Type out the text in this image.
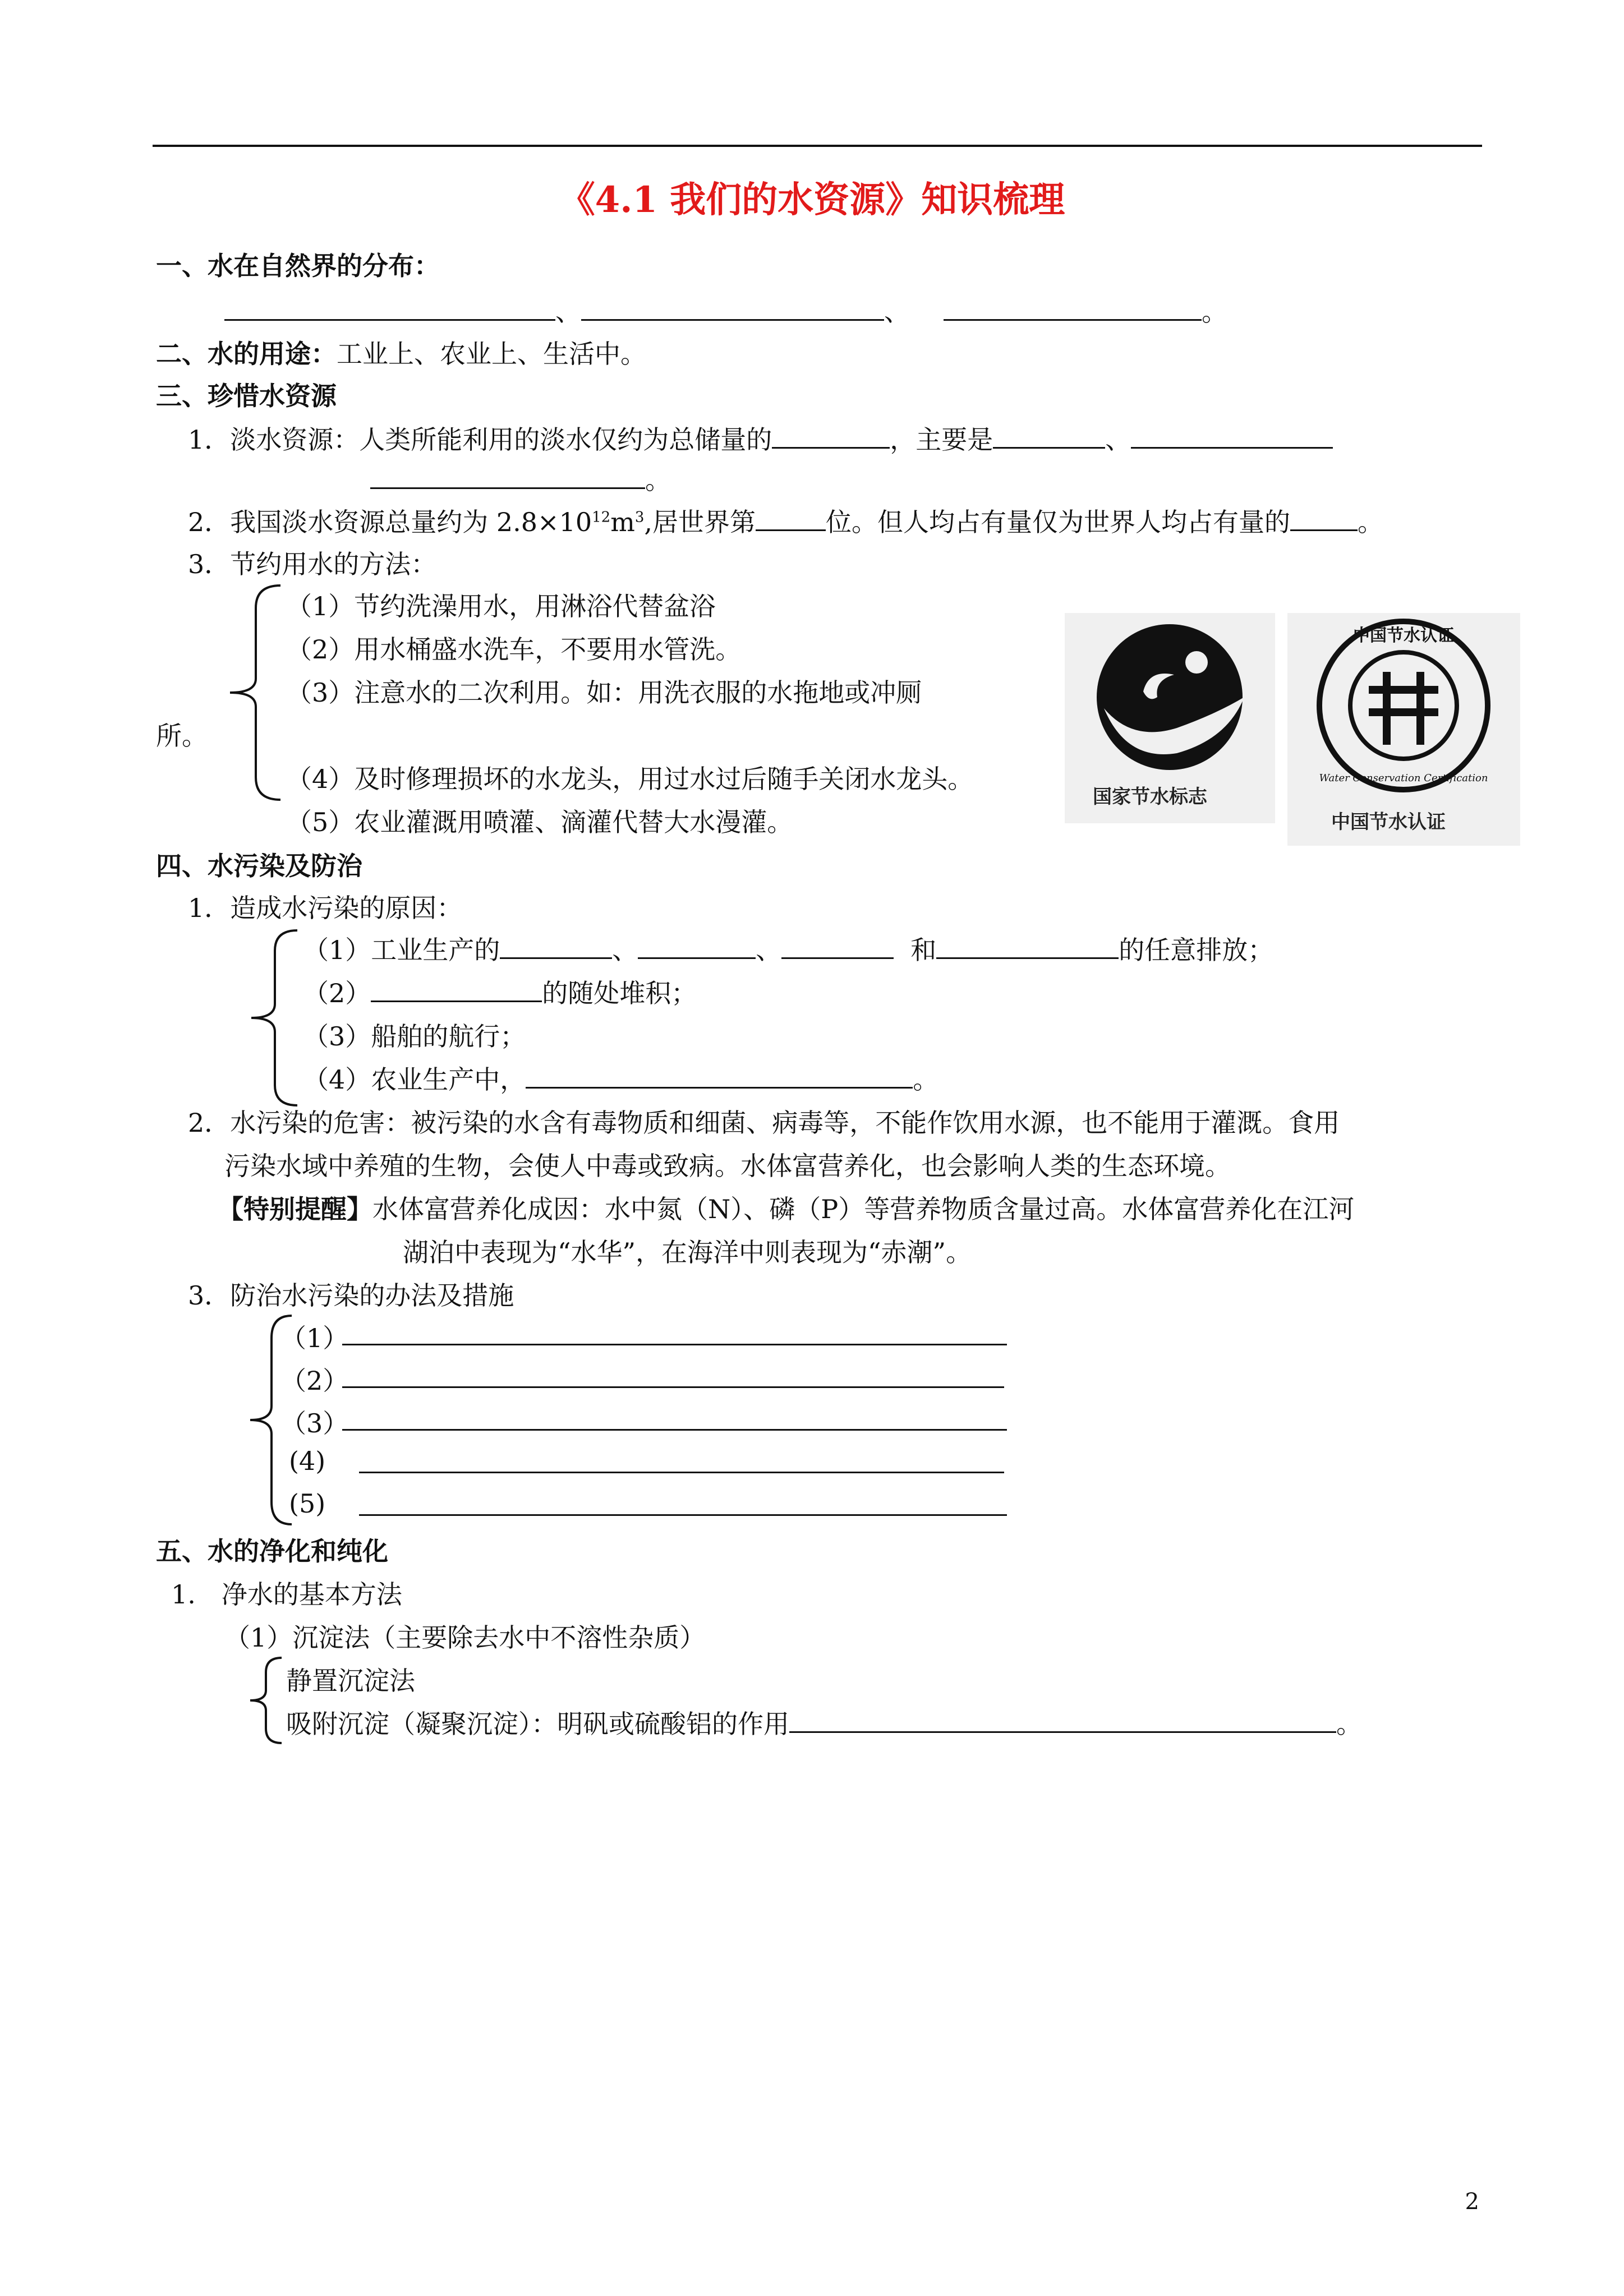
《4.1 我们的水资源》知识梳理
一、水在自然界的分布：
、	、	。
二、水的用途：工业上、农业上、生活中。
三、珍惜水资源
1．淡水资源：人类所能利用的淡水仅约为总储量的	，主要是	、
。
2．我国淡水资源总量约为 $2.8\times 10^{12}m^3$,居世界第	位。但人均占有量仅为世界人均占有量的	。
3．节约用水的方法：
（1）节约洗澡用水，用淋浴代替盆浴
（2）用水桶盛水洗车，不要用水管洗。
（3）注意水的二次利用。如：用洗衣服的水拖地或冲厕
所。
（4）及时修理损坏的水龙头，用过水过后随手关闭水龙头。
（5）农业灌溉用喷灌、滴灌代替大水漫灌。
国家节水标志
中国节水认证
Water Conservation Certification
中国节水认证
四、水污染及防治
1．造成水污染的原因：
（1）工业生产的	、	、	和	的任意排放；
（2）	的随处堆积；
（3）船舶的航行；
（4）农业生产中，	。
2．水污染的危害：被污染的水含有毒物质和细菌、病毒等，不能作饮用水源，也不能用于灌溉。食用
污染水域中养殖的生物，会使人中毒或致病。水体富营养化，也会影响人类的生态环境。
【特别提醒】水体富营养化成因：水中氮（N）、磷（P）等营养物质含量过高。水体富营养化在江河
湖泊中表现为“水华”，在海洋中则表现为“赤潮”。
3．防治水污染的办法及措施
（1）
（2）
（3）
(4)
(5)
五、水的净化和纯化
1.　净水的基本方法
（1）沉淀法（主要除去水中不溶性杂质）
静置沉淀法
吸附沉淀（凝聚沉淀）：明矾或硫酸铝的作用	。
2
